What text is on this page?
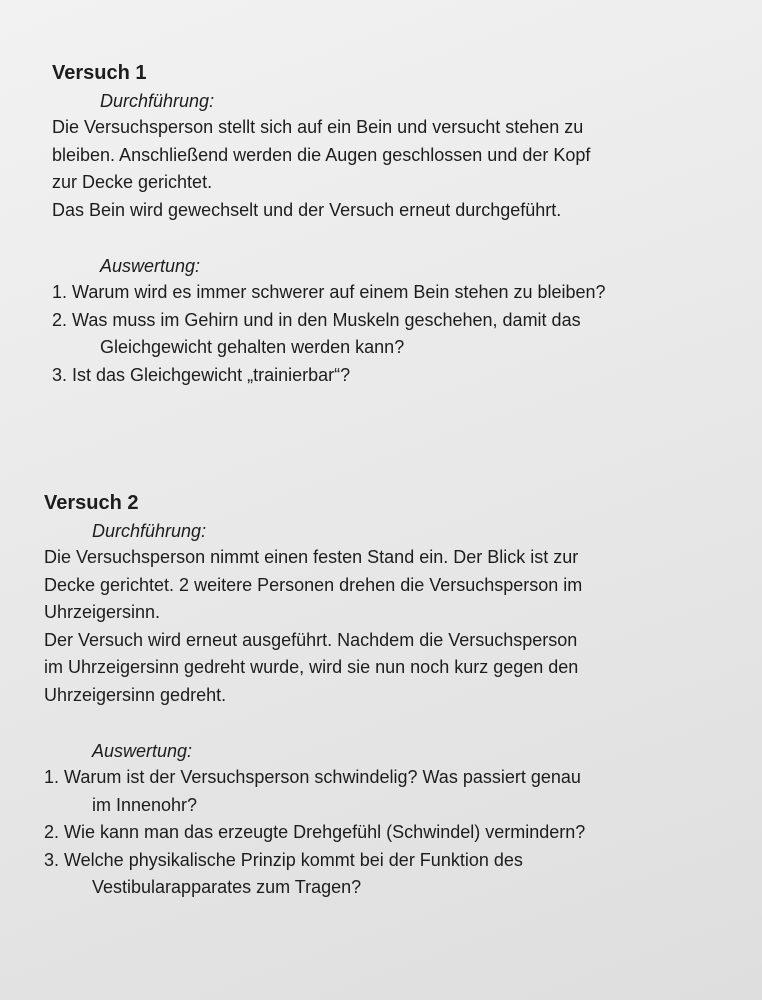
Versuch 1

Durchführung:

Die Versuchsperson stellt sich auf ein Bein und versucht stehen zu

bleiben. Anschließend werden die Augen geschlossen und der Kopf

zur Decke gerichtet.

Das Bein wird gewechselt und der Versuch erneut durchgeführt.

Auswertung:

1. Warum wird es immer schwerer auf einem Bein stehen zu bleiben?
2. Was muss im Gehirn und in den Muskeln geschehen, damit das
Gleichgewicht gehalten werden kann?
3. Ist das Gleichgewicht „trainierbar“?
Versuch 2

Durchführung:

Die Versuchsperson nimmt einen festen Stand ein. Der Blick ist zur

Decke gerichtet. 2 weitere Personen drehen die Versuchsperson im

Uhrzeigersinn.

Der Versuch wird erneut ausgeführt. Nachdem die Versuchsperson

im Uhrzeigersinn gedreht wurde, wird sie nun noch kurz gegen den

Uhrzeigersinn gedreht.

Auswertung:

1. Warum ist der Versuchsperson schwindelig? Was passiert genau
im Innenohr?
2. Wie kann man das erzeugte Drehgefühl (Schwindel) vermindern?
3. Welche physikalische Prinzip kommt bei der Funktion des
Vestibularapparates zum Tragen?
